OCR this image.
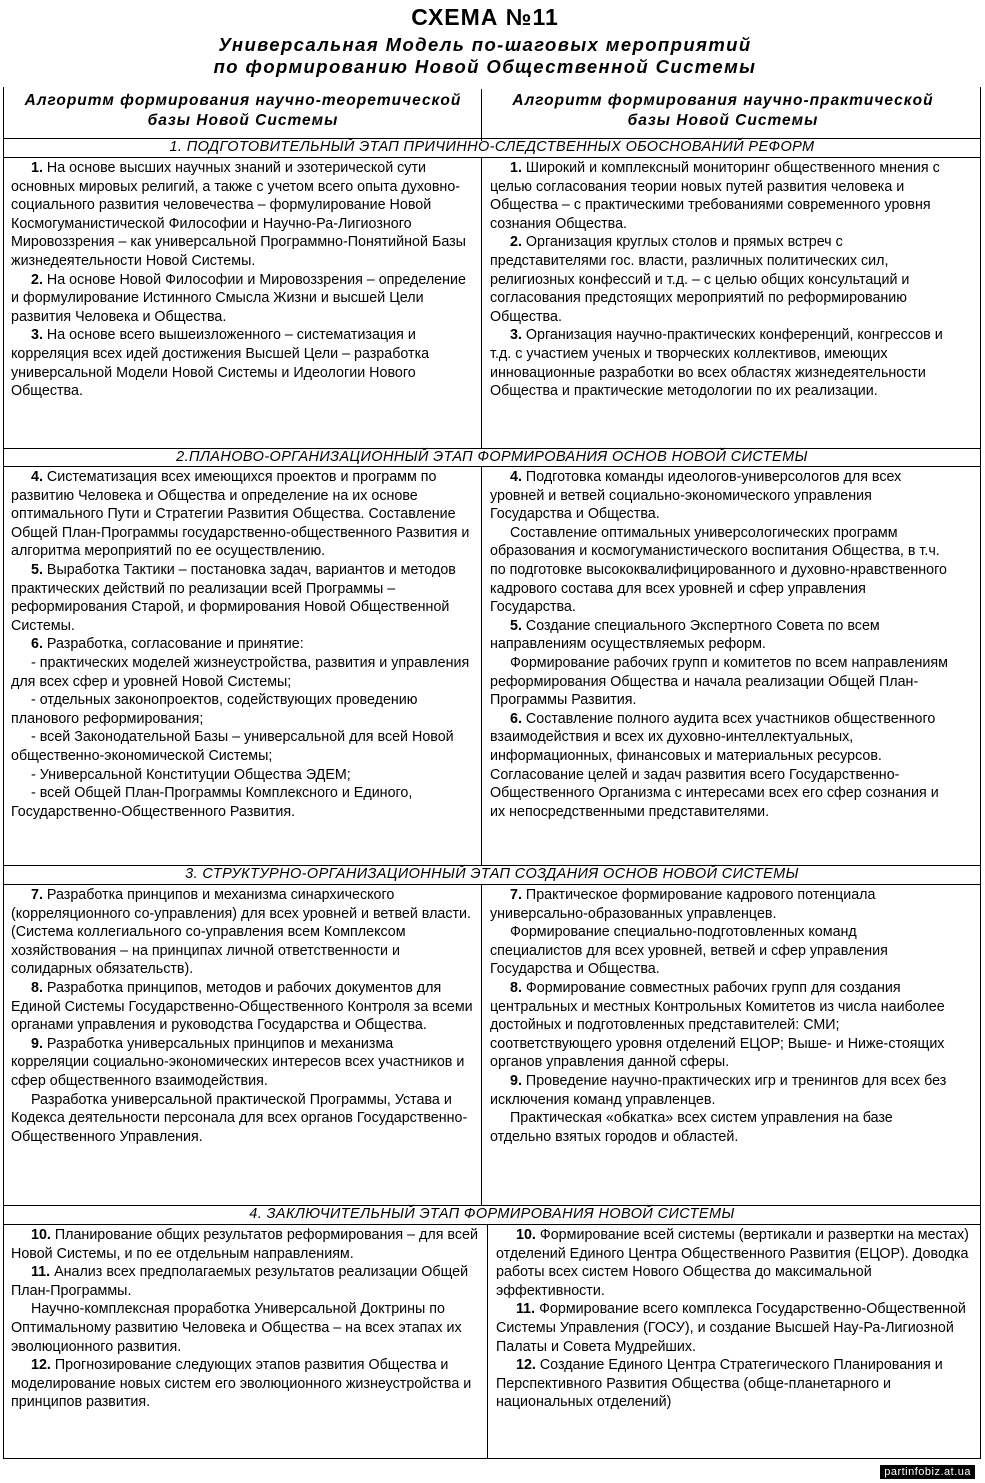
СХЕМА №11
Универсальная Модель по-шаговых мероприятий
по формированию Новой Общественной Системы
Алгоритм формирования научно-теоретической базы Новой Системы
Алгоритм формирования научно-практической базы Новой Системы
1. ПОДГОТОВИТЕЛЬНЫЙ ЭТАП ПРИЧИННО-СЛЕДСТВЕННЫХ ОБОСНОВАНИЙ РЕФОРМ

1. На основе высших научных знаний и эзотерической сути основных мировых религий, а также с учетом всего опыта духовно-социального развития человечества – формулирование Новой Космогуманистической Философии и Научно-Ра-Лигиозного Мировоззрения – как универсальной Программно-Понятийной Базы жизнедеятельности Новой Системы.

2. На основе Новой Философии и Мировоззрения – определение и формулирование Истинного Смысла Жизни и высшей Цели развития Человека и Общества.

3. На основе всего вышеизложенного – систематизация и корреляция всех идей достижения Высшей Цели – разработка универсальной Модели Новой Системы и Идеологии Нового Общества.

1. Широкий и комплексный мониторинг общественного мнения с целью согласования теории новых путей развития человека и Общества – с практическими требованиями современного уровня сознания Общества.

2. Организация круглых столов и прямых встреч с представителями гос. власти, различных политических сил, религиозных конфессий и т.д. – с целью общих консультаций и согласования предстоящих мероприятий по реформированию Общества.

3. Организация научно-практических конференций, конгрессов и т.д. с участием ученых и творческих коллективов, имеющих инновационные разработки во всех областях жизнедеятельности Общества и практические методологии по их реализации.

2.ПЛАНОВО-ОРГАНИЗАЦИОННЫЙ ЭТАП ФОРМИРОВАНИЯ ОСНОВ НОВОЙ СИСТЕМЫ

4. Систематизация всех имеющихся проектов и программ по развитию Человека и Общества и определение на их основе оптимального Пути и Стратегии Развития Общества. Составление Общей План-Программы государственно-общественного Развития и алгоритма мероприятий по ее осуществлению.

5. Выработка Тактики – постановка задач, вариантов и методов практических действий по реализации всей Программы – реформирования Старой, и формирования Новой Общественной Системы.

6. Разработка, согласование и принятие:

- практических моделей жизнеустройства, развития и управления для всех сфер и уровней Новой Системы;

- отдельных законопроектов, содействующих проведению планового реформирования;

- всей Законодательной Базы – универсальной для всей Новой общественно-экономической Системы;

- Универсальной Конституции Общества ЭДЕМ;

- всей Общей План-Программы Комплексного и Единого, Государственно-Общественного Развития.

4. Подготовка команды идеологов-универсологов для всех уровней и ветвей социально-экономического управления Государства и Общества.

Составление оптимальных универсологических программ образования и космогуманистического воспитания Общества, в т.ч. по подготовке высококвалифицированного и духовно-нравственного кадрового состава для всех уровней и сфер управления Государства.

5. Создание специального Экспертного Совета по всем направлениям осуществляемых реформ.

Формирование рабочих групп и комитетов по всем направлениям реформирования Общества и начала реализации Общей План-Программы Развития.

6. Составление полного аудита всех участников общественного взаимодействия и всех их духовно-интеллектуальных, информационных, финансовых и материальных ресурсов. Согласование целей и задач развития всего Государственно-Общественного Организма с интересами всех его сфер сознания и их непосредственными представителями.

3. СТРУКТУРНО-ОРГАНИЗАЦИОННЫЙ ЭТАП СОЗДАНИЯ ОСНОВ НОВОЙ СИСТЕМЫ

7. Разработка принципов и механизма синархического (корреляционного со-управления) для всех уровней и ветвей власти. (Система коллегиального со-управления всем Комплексом хозяйствования – на принципах личной ответственности и солидарных обязательств).

8. Разработка принципов, методов и рабочих документов для Единой Системы Государственно-Общественного Контроля за всеми органами управления и руководства Государства и Общества.

9. Разработка универсальных принципов и механизма корреляции социально-экономических интересов всех участников и сфер общественного взаимодействия.

Разработка универсальной практической Программы, Устава и Кодекса деятельности персонала для всех органов Государственно-Общественного Управления.

7. Практическое формирование кадрового потенциала универсально-образованных управленцев.

Формирование специально-подготовленных команд специалистов для всех уровней, ветвей и сфер управления Государства и Общества.

8. Формирование совместных рабочих групп для создания центральных и местных Контрольных Комитетов из числа наиболее достойных и подготовленных представителей: СМИ; соответствующего уровня отделений ЕЦОР; Выше- и Ниже-стоящих органов управления данной сферы.

9. Проведение научно-практических игр и тренингов для всех без исключения команд управленцев.

Практическая «обкатка» всех систем управления на базе отдельно взятых городов и областей.

4. ЗАКЛЮЧИТЕЛЬНЫЙ ЭТАП ФОРМИРОВАНИЯ НОВОЙ СИСТЕМЫ

10. Планирование общих результатов реформирования – для всей Новой Системы, и по ее отдельным направлениям.

11. Анализ всех предполагаемых результатов реализации Общей План-Программы.

Научно-комплексная проработка Универсальной Доктрины по Оптимальному развитию Человека и Общества – на всех этапах их эволюционного развития.

12. Прогнозирование следующих этапов развития Общества и моделирование новых систем его эволюционного жизнеустройства и принципов развития.

10. Формирование всей системы (вертикали и развертки на местах) отделений Единого Центра Общественного Развития (ЕЦОР). Доводка работы всех систем Нового Общества до максимальной эффективности.

11. Формирование всего комплекса Государственно-Общественной Системы Управления (ГОСУ), и создание Высшей Нау-Ра-Лигиозной Палаты и Совета Мудрейших.

12. Создание Единого Центра Стратегического Планирования и Перспективного Развития Общества (обще-планетарного и национальных отделений)

partinfobiz.at.ua
